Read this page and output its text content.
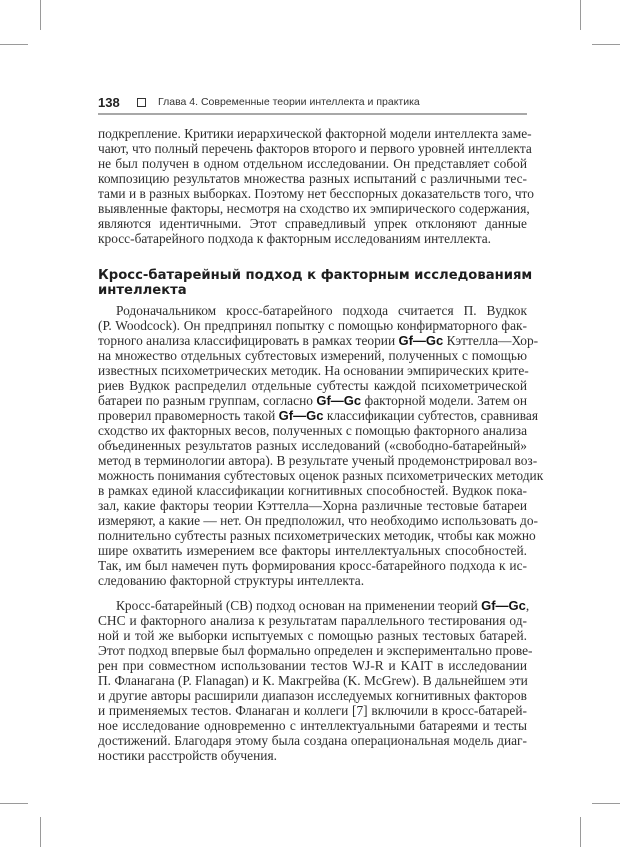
138	Глава 4. Современные теории интеллекта и практика
Кросс-батарейный подход к факторным исследованиям
интеллекта
подкрепление. Критики иерархической факторной модели интеллекта заме-
чают, что полный перечень факторов второго и первого уровней интеллекта
не был получен в одном отдельном исследовании. Он представляет собой
композицию результатов множества разных испытаний с различными тес-
тами и в разных выборках. Поэтому нет бесспорных доказательств того, что
выявленные факторы, несмотря на сходство их эмпирического содержания,
являются идентичными. Этот справедливый упрек отклоняют данные
кросс-батарейного подхода к факторным исследованиям интеллекта.
Родоначальником кросс-батарейного подхода считается П. Вудкок
(P. Woodcock). Он предпринял попытку с помощью конфирматорного фак-
торного анализа классифицировать в рамках теории Gf—Gc Кэттелла—Хор-
на множество отдельных субтестовых измерений, полученных с помощью
известных психометрических методик. На основании эмпирических крите-
риев Вудкок распределил отдельные субтесты каждой психометрической
батареи по разным группам, согласно Gf—Gc факторной модели. Затем он
проверил правомерность такой Gf—Gc классификации субтестов, сравнивая
сходство их факторных весов, полученных с помощью факторного анализа
объединенных результатов разных исследований («свободно-батарейный»
метод в терминологии автора). В результате ученый продемонстрировал воз-
можность понимания субтестовых оценок разных психометрических методик
в рамках единой классификации когнитивных способностей. Вудкок пока-
зал, какие факторы теории Кэттелла—Хорна различные тестовые батареи
измеряют, а какие — нет. Он предположил, что необходимо использовать до-
полнительно субтесты разных психометрических методик, чтобы как можно
шире охватить измерением все факторы интеллектуальных способностей.
Так, им был намечен путь формирования кросс-батарейного подхода к ис-
следованию факторной структуры интеллекта.
Кросс-батарейный (CB) подход основан на применении теорий Gf—Gc,
CHC и факторного анализа к результатам параллельного тестирования од-
ной и той же выборки испытуемых с помощью разных тестовых батарей.
Этот подход впервые был формально определен и экспериментально прове-
рен при совместном использовании тестов WJ-R и KAIT в исследовании
П. Фланагана (P. Flanagan) и К. Макгрейва (K. McGrew). В дальнейшем эти
и другие авторы расширили диапазон исследуемых когнитивных факторов
и применяемых тестов. Фланаган и коллеги [7] включили в кросс-батарей-
ное исследование одновременно с интеллектуальными батареями и тесты
достижений. Благодаря этому была создана операциональная модель диаг-
ностики расстройств обучения.
